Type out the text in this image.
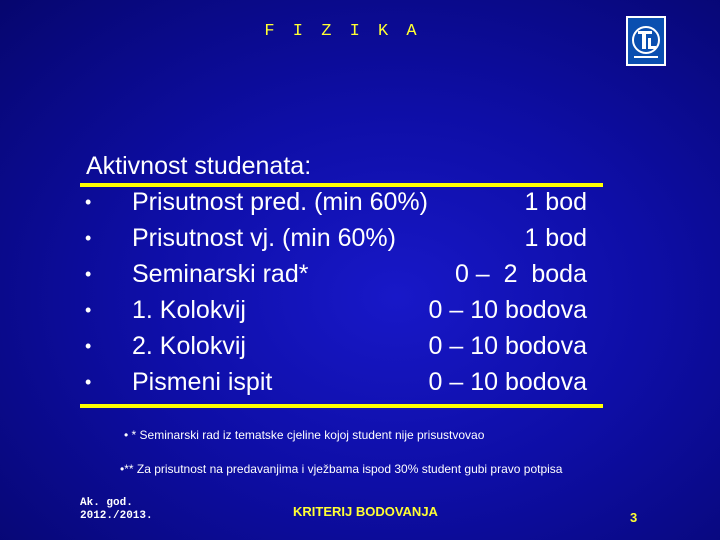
F I Z I K A
Aktivnost studenata:
• Prisutnost pred. (min 60%)	1 bod
• Prisutnost vj. (min 60%)	1 bod
• Seminarski rad*	0 –  2  boda
• 1. Kolokvij	0 – 10 bodova
• 2. Kolokvij	0 – 10 bodova
• Pismeni ispit	0 – 10 bodova
• * Seminarski rad iz tematske cjeline kojoj student nije prisustvovao
•** Za prisutnost na predavanjima i vježbama ispod 30% student gubi pravo potpisa
Ak. god.
2012./2013.	KRITERIJ BODOVANJA	3
